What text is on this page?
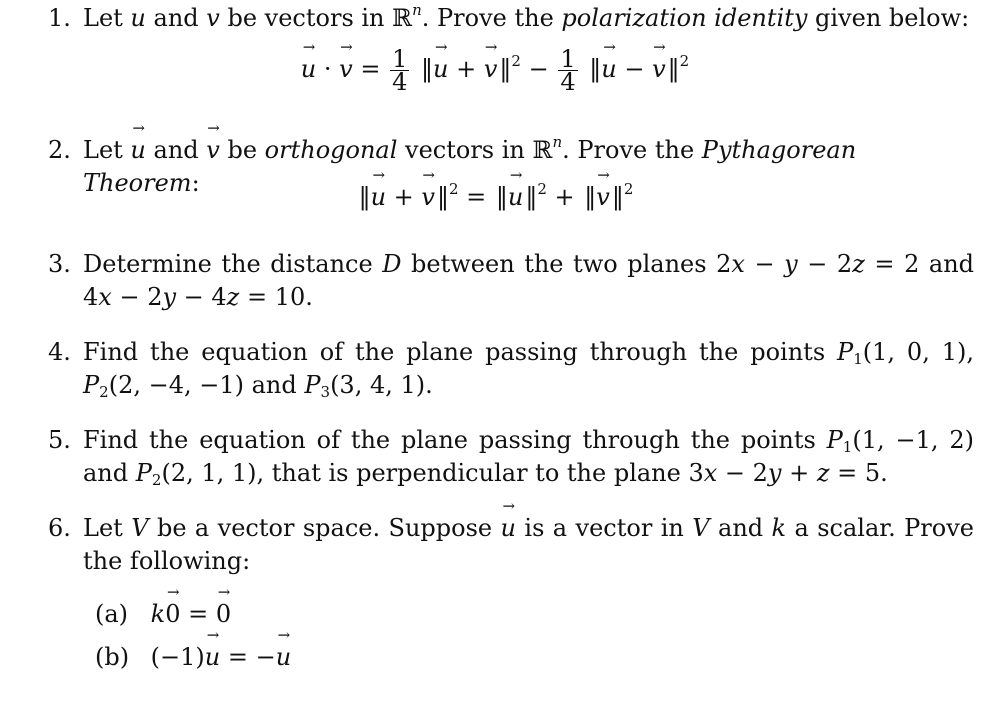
1. Let → u and → v be vectors in ℝ$^n$. Prove the polarization identity given below:
→ u · → $v = \frac{1}{4}$ ‖→ u + → v‖ $^2 - \frac{1}{4}$ ‖→ u − → v‖ $^2$
2. Let → u and → v be orthogonal vectors in ℝ$^n$. Prove the Pythagorean Theorem:	‖→ u + → v‖ $^2$ = ‖→ u‖ $^2$ + ‖→ v‖ $^2$
3. Determine the distance D between the two planes 2x − y − 2z = 2 and 4x − 2y − 4z = 10.
4. Find the equation of the plane passing through the points $P_1(1$, 0, 1), $P_2(2$, −4, −1) and $P_3(3$, 4, 1).
5. Find the equation of the plane passing through the points $P_1(1$, −1, 2) and $P_2(2$, 1, 1), that is perpendicular to the plane 3x − 2y + z = 5.
6. Let V be a vector space. Suppose → u is a vector in V and k a scalar. Prove the following:
(a) k→ 0 = → 0
(b) (−1)→ u = −→ u
